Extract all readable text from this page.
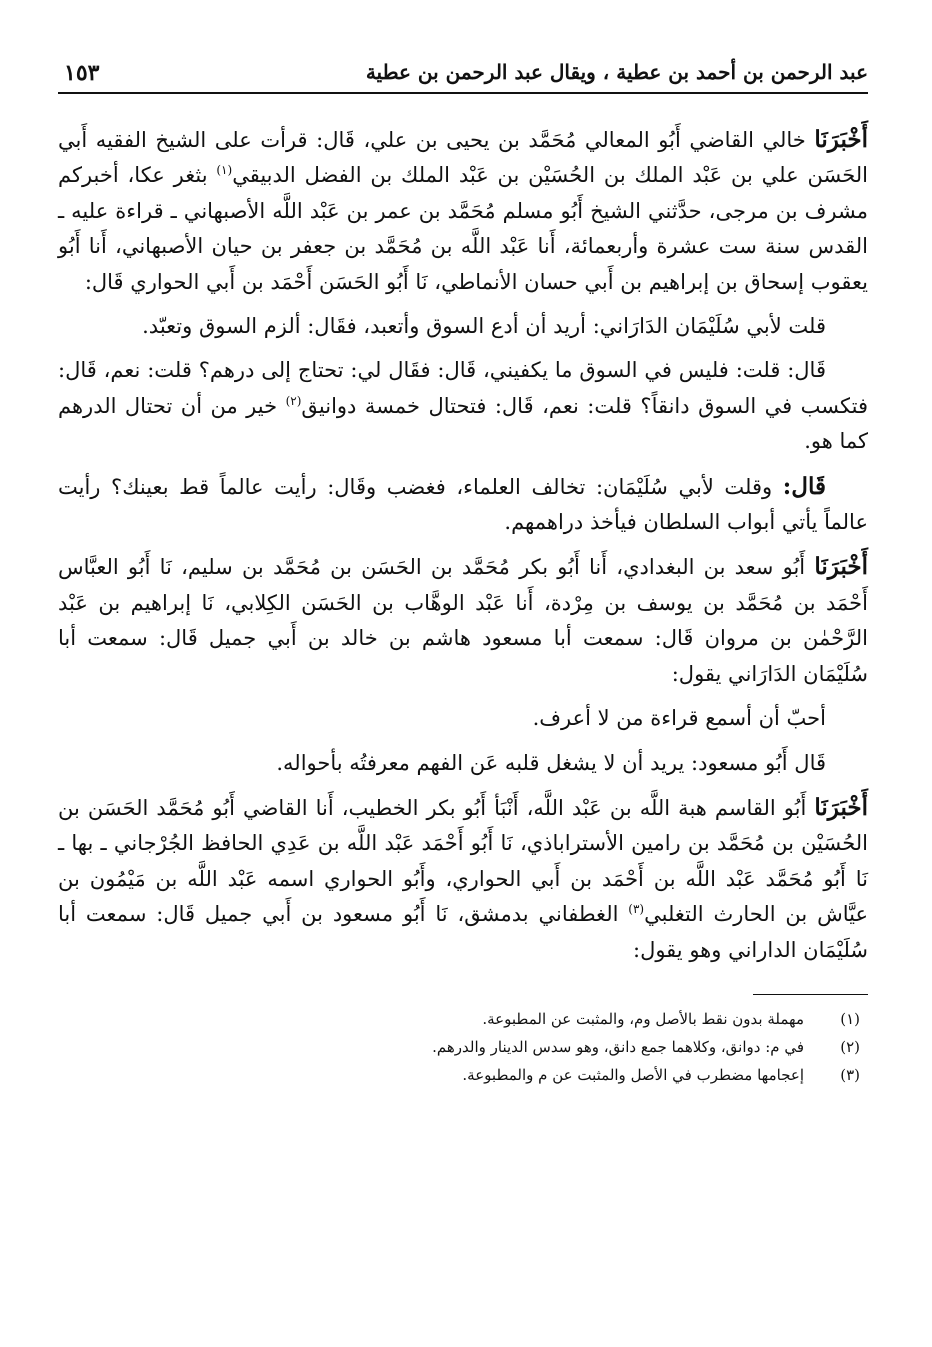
عبد الرحمن بن أحمد بن عطية ، ويقال عبد الرحمن بن عطية
١٥٣

أَخْبَرَنَا خالي القاضي أَبُو المعالي مُحَمَّد بن يحيى بن علي، قَال: قرأت على الشيخ الفقيه أَبي الحَسَن علي بن عَبْد الملك بن الحُسَيْن بن عَبْد الملك بن الفضل الدبيقي$^{(١)}$ بثغر عكا، أخبركم مشرف بن مرجى، حدَّثني الشيخ أَبُو مسلم مُحَمَّد بن عمر بن عَبْد اللَّه الأصبهاني ـ قراءة عليه ـ القدس سنة ست عشرة وأربعمائة، أَنا عَبْد اللَّه بن مُحَمَّد بن جعفر بن حيان الأصبهاني، أَنا أَبُو يعقوب إسحاق بن إبراهيم بن أَبي حسان الأنماطي، نَا أَبُو الحَسَن أَحْمَد بن أَبي الحواري قَال:

قلت لأبي سُلَيْمَان الدَارَاني: أريد أن أدع السوق وأتعبد، فقَال: ألزم السوق وتعبّد.

قَال: قلت: فليس في السوق ما يكفيني، قَال: فقَال لي: تحتاج إلى درهم؟ قلت: نعم، قَال: فتكسب في السوق دانقاً؟ قلت: نعم، قَال: فتحتال خمسة دوانيق$^{(٢)}$ خير من أن تحتال الدرهم كما هو.

قَال: وقلت لأبي سُلَيْمَان: تخالف العلماء، فغضب وقَال: رأيت عالماً قط بعينك؟ رأيت عالماً يأتي أبواب السلطان فيأخذ دراهمهم.

أَخْبَرَنَا أَبُو سعد بن البغدادي، أَنا أَبُو بكر مُحَمَّد بن الحَسَن بن مُحَمَّد بن سليم، نَا أَبُو العبَّاس أَحْمَد بن مُحَمَّد بن يوسف بن مِرْدة، أَنا عَبْد الوهَّاب بن الحَسَن الكِلابي، نَا إبراهيم بن عَبْد الرَّحْمٰن بن مروان قَال: سمعت أبا مسعود هاشم بن خالد بن أَبي جميل قَال: سمعت أبا سُلَيْمَان الدَارَاني يقول:

أحبّ أن أسمع قراءة من لا أعرف.

قَال أَبُو مسعود: يريد أن لا يشغل قلبه عَن الفهم معرفتُه بأحواله.

أَخْبَرَنَا أَبُو القاسم هبة اللَّه بن عَبْد اللَّه، أَنْبَأ أَبُو بكر الخطيب، أَنا القاضي أَبُو مُحَمَّد الحَسَن بن الحُسَيْن بن مُحَمَّد بن رامين الأستراباذي، نَا أَبُو أَحْمَد عَبْد اللَّه بن عَدِي الحافظ الجُرْجاني ـ بها ـ نَا أَبُو مُحَمَّد عَبْد اللَّه بن أَحْمَد بن أَبي الحواري، وأَبُو الحواري اسمه عَبْد اللَّه بن مَيْمُون بن عيَّاش بن الحارث التغلبي$^{(٣)}$ الغطفاني بدمشق، نَا أَبُو مسعود بن أَبي جميل قَال: سمعت أبا سُلَيْمَان الداراني وهو يقول:

(١)
مهملة بدون نقط بالأصل وم، والمثبت عن المطبوعة.
(٢)
في م: دوانق، وكلاهما جمع دانق، وهو سدس الدينار والدرهم.
(٣)
إعجامها مضطرب في الأصل والمثبت عن م والمطبوعة.
